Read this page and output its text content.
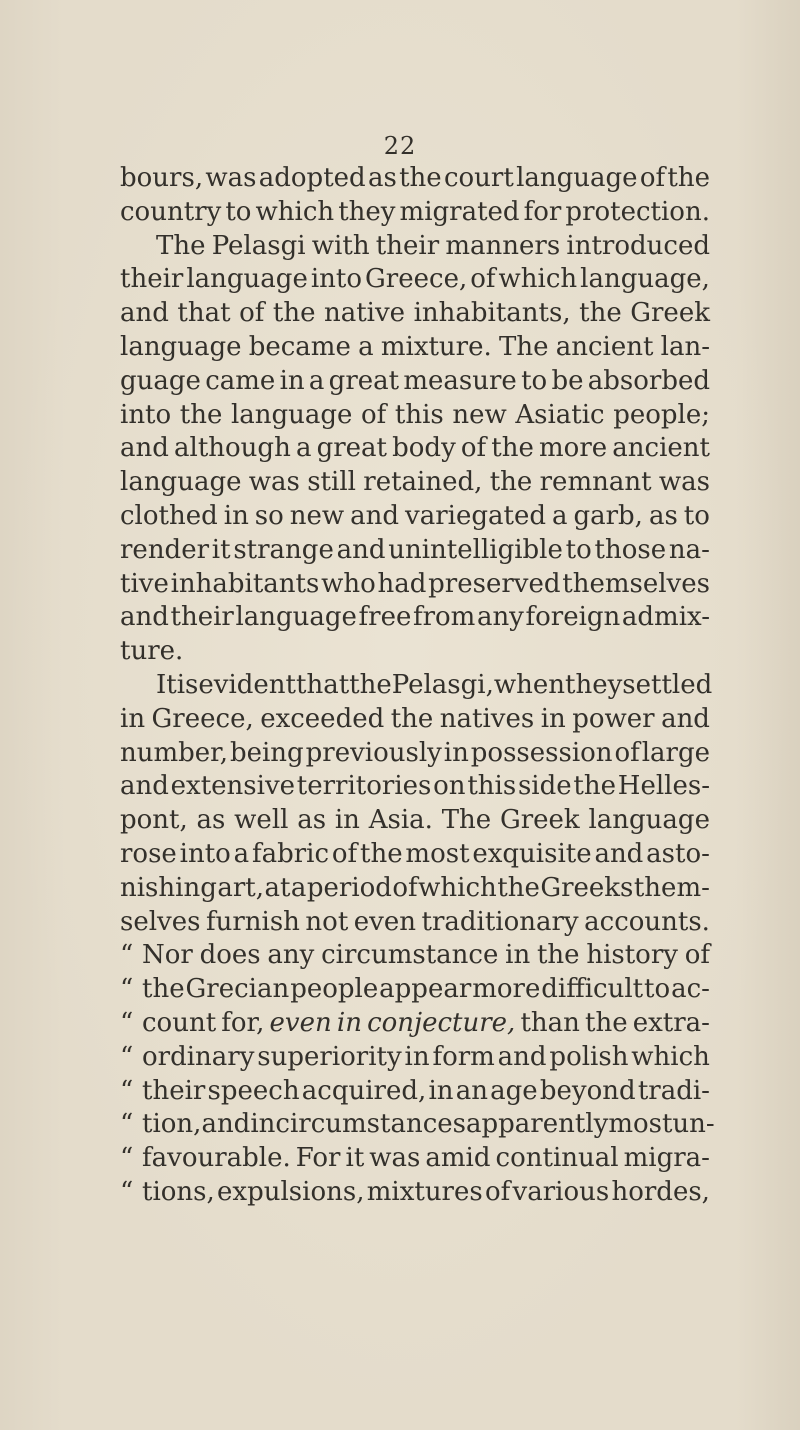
22

bours, was adopted as the court language of the
country to which they migrated for protection.
The Pelasgi with their manners introduced
their language into Greece, of which language,
and that of the native inhabitants, the Greek
language became a mixture. The ancient lan-
guage came in a great measure to be absorbed
into the language of this new Asiatic people;
and although a great body of the more ancient
language was still retained, the remnant was
clothed in so new and variegated a garb, as to
render it strange and unintelligible to those na-
tive inhabitants who had preserved themselves
and their language free from any foreign admix-
ture.
It is evident that the Pelasgi, when they settled
in Greece, exceeded the natives in power and
number, being previously in possession of large
and extensive territories on this side the Helles-
pont, as well as in Asia. The Greek language
rose into a fabric of the most exquisite and asto-
nishing art, at a period of which the Greeks them-
selves furnish not even traditionary accounts.
“ Nor does any circumstance in the history of
“ the Grecian people appear more difficult to ac-
“ count for, even in conjecture, than the extra-
“ ordinary superiority in form and polish which
“ their speech acquired, in an age beyond tradi-
“ tion, and in circumstances apparently most un-
“ favourable. For it was amid continual migra-
“ tions, expulsions, mixtures of various hordes,
